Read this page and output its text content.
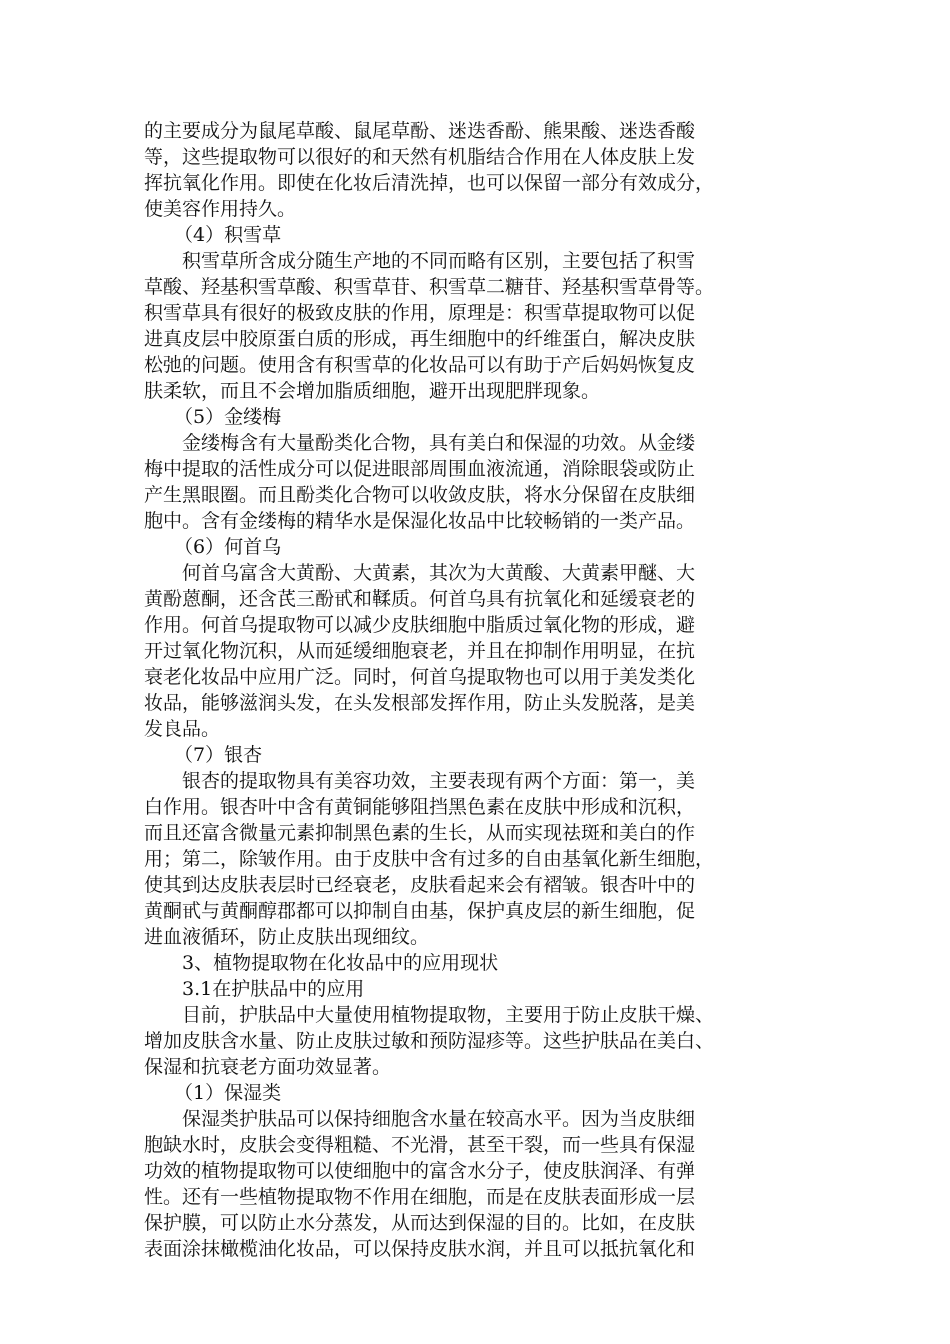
的主要成分为鼠尾草酸、鼠尾草酚、迷迭香酚、熊果酸、迷迭香酸
等，这些提取物可以很好的和天然有机脂结合作用在人体皮肤上发
挥抗氧化作用。即使在化妆后清洗掉，也可以保留一部分有效成分，
使美容作用持久。
（4）积雪草
积雪草所含成分随生产地的不同而略有区别，主要包括了积雪
草酸、羟基积雪草酸、积雪草苷、积雪草二糖苷、羟基积雪草骨等。
积雪草具有很好的极致皮肤的作用，原理是：积雪草提取物可以促
进真皮层中胶原蛋白质的形成，再生细胞中的纤维蛋白，解决皮肤
松弛的问题。使用含有积雪草的化妆品可以有助于产后妈妈恢复皮
肤柔软，而且不会增加脂质细胞，避开出现肥胖现象。
（5）金缕梅
金缕梅含有大量酚类化合物，具有美白和保湿的功效。从金缕
梅中提取的活性成分可以促进眼部周围血液流通，消除眼袋或防止
产生黑眼圈。而且酚类化合物可以收敛皮肤，将水分保留在皮肤细
胞中。含有金缕梅的精华水是保湿化妆品中比较畅销的一类产品。
（6）何首乌
何首乌富含大黄酚、大黄素，其次为大黄酸、大黄素甲醚、大
黄酚蒽酮，还含芪三酚甙和鞣质。何首乌具有抗氧化和延缓衰老的
作用。何首乌提取物可以减少皮肤细胞中脂质过氧化物的形成，避
开过氧化物沉积，从而延缓细胞衰老，并且在抑制作用明显，在抗
衰老化妆品中应用广泛。同时，何首乌提取物也可以用于美发类化
妆品，能够滋润头发，在头发根部发挥作用，防止头发脱落，是美
发良品。
（7）银杏
银杏的提取物具有美容功效，主要表现有两个方面：第一，美
白作用。银杏叶中含有黄铜能够阻挡黑色素在皮肤中形成和沉积，
而且还富含微量元素抑制黑色素的生长，从而实现祛斑和美白的作
用；第二，除皱作用。由于皮肤中含有过多的自由基氧化新生细胞，
使其到达皮肤表层时已经衰老，皮肤看起来会有褶皱。银杏叶中的
黄酮甙与黄酮醇郡都可以抑制自由基，保护真皮层的新生细胞，促
进血液循环，防止皮肤出现细纹。
3、植物提取物在化妆品中的应用现状
3.1在护肤品中的应用
目前，护肤品中大量使用植物提取物，主要用于防止皮肤干燥、
增加皮肤含水量、防止皮肤过敏和预防湿疹等。这些护肤品在美白、
保湿和抗衰老方面功效显著。
（1）保湿类
保湿类护肤品可以保持细胞含水量在较高水平。因为当皮肤细
胞缺水时，皮肤会变得粗糙、不光滑，甚至干裂，而一些具有保湿
功效的植物提取物可以使细胞中的富含水分子，使皮肤润泽、有弹
性。还有一些植物提取物不作用在细胞，而是在皮肤表面形成一层
保护膜，可以防止水分蒸发，从而达到保湿的目的。比如，在皮肤
表面涂抹橄榄油化妆品，可以保持皮肤水润，并且可以抵抗氧化和
